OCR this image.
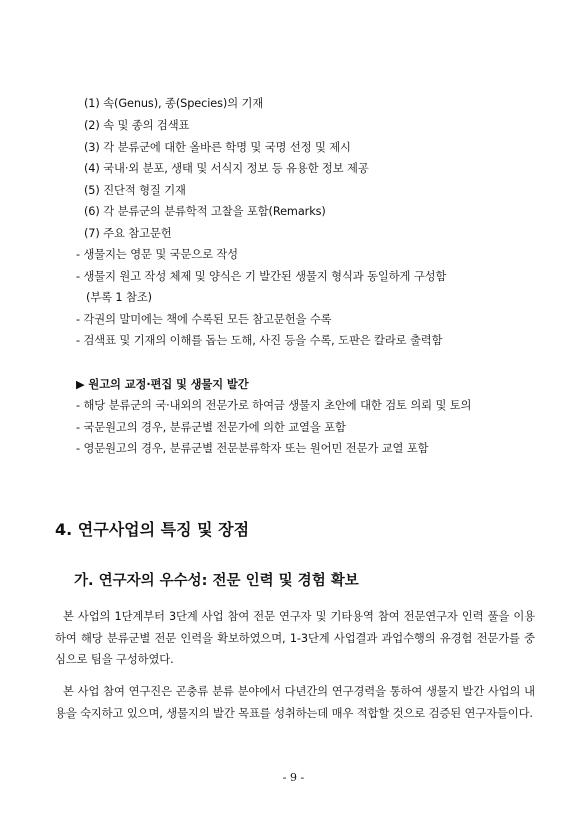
(1) 속(Genus), 종(Species)의 기재
(2) 속 및 종의 검색표
(3) 각 분류군에 대한 올바른 학명 및 국명 선정 및 제시
(4) 국내·외 분포, 생태 및 서식지 정보 등 유용한 정보 제공
(5) 진단적 형질 기재
(6) 각 분류군의 분류학적 고찰을 포함(Remarks)
(7) 주요 참고문헌
- 생물지는 영문 및 국문으로 작성
- 생물지 원고 작성 체제 및 양식은 기 발간된 생물지 형식과 동일하게 구성함
(부록 1 참조)
- 각권의 말미에는 책에 수록된 모든 참고문헌을 수록
- 검색표 및 기재의 이해를 돕는 도해, 사진 등을 수록, 도판은 칼라로 출력함
▶ 원고의 교정·편집 및 생물지 발간
- 해당 분류군의 국·내외의 전문가로 하여금 생물지 초안에 대한 검토 의뢰 및 토의
- 국문원고의 경우, 분류군별 전문가에 의한 교열을 포함
- 영문원고의 경우, 분류군별 전문분류학자 또는 원어민 전문가 교열 포함
4. 연구사업의 특징 및 장점
가. 연구자의 우수성: 전문 인력 및 경험 확보
본 사업의 1단계부터 3단계 사업 참여 전문 연구자 및 기타용역 참여 전문연구자 인력 풀을 이용하여 해당 분류군별 전문 인력을 확보하였으며, 1-3단계 사업결과 과업수행의 유경험 전문가를 중심으로 팀을 구성하였다.
본 사업 참여 연구진은 곤충류 분류 분야에서 다년간의 연구경력을 통하여 생물지 발간 사업의 내용을 숙지하고 있으며, 생물지의 발간 목표를 성취하는데 매우 적합할 것으로 검증된 연구자들이다.
- 9 -
